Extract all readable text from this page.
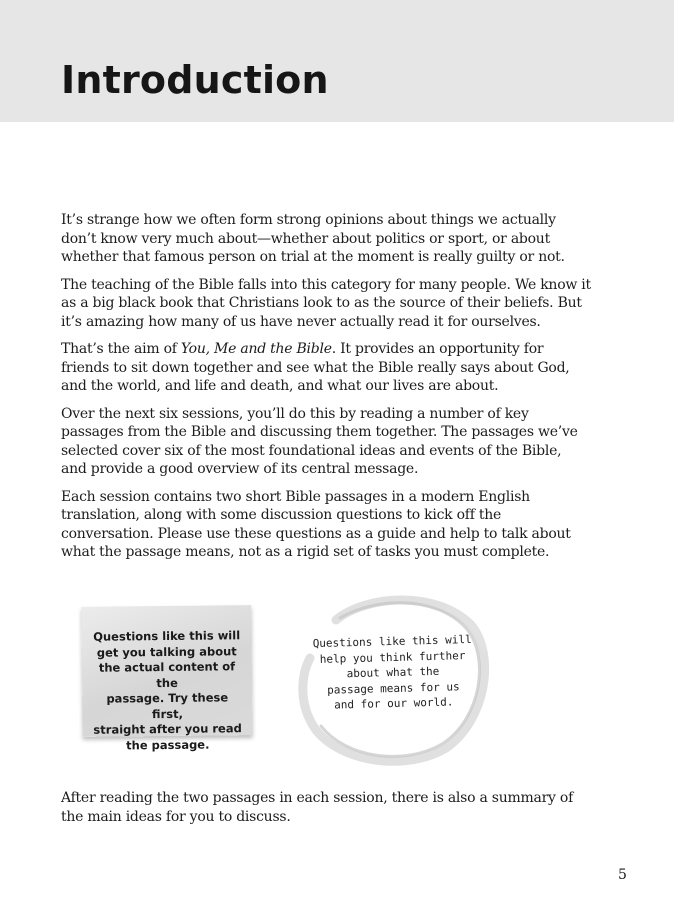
Introduction

It’s strange how we often form strong opinions about things we actually don’t know very much about—whether about politics or sport, or about whether that famous person on trial at the moment is really guilty or not.

The teaching of the Bible falls into this category for many people. We know it as a big black book that Christians look to as the source of their beliefs. But it’s amazing how many of us have never actually read it for ourselves.

That’s the aim of You, Me and the Bible. It provides an opportunity for friends to sit down together and see what the Bible really says about God, and the world, and life and death, and what our lives are about.

Over the next six sessions, you’ll do this by reading a number of key passages from the Bible and discussing them together. The passages we’ve selected cover six of the most foundational ideas and events of the Bible, and provide a good overview of its central message.

Each session contains two short Bible passages in a modern English translation, along with some discussion questions to kick off the conversation. Please use these questions as a guide and help to talk about what the passage means, not as a rigid set of tasks you must complete.

Questions like this will
get you talking about
the actual content of the
passage. Try these first,
straight after you read
the passage.
Questions like this will
help you think further
about what the
passage means for us
and for our world.

After reading the two passages in each session, there is also a summary of the main ideas for you to discuss.

5
